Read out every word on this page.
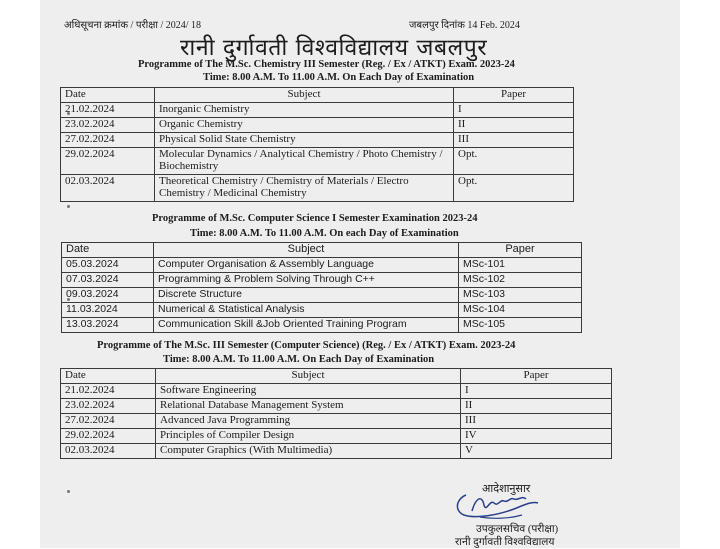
अधिसूचना क्रमांक / परीक्षा / 2024/ 18	जबलपुर दिनांक 14 Feb. 2024
रानी दुर्गावती विश्वविद्यालय जबलपुर
Programme of The M.Sc. Chemistry III Semester (Reg. / Ex / ATKT) Exam. 2023-24
Time: 8.00 A.M. To 11.00 A.M. On Each Day of Examination
Date	Subject	Paper
21.02.2024	Inorganic Chemistry	I
23.02.2024	Organic Chemistry	II
27.02.2024	Physical Solid State Chemistry	III
29.02.2024	Molecular Dynamics / Analytical Chemistry / Photo Chemistry / Biochemistry	Opt.
02.03.2024	Theoretical Chemistry / Chemistry of Materials / Electro Chemistry / Medicinal Chemistry	Opt.
Programme of M.Sc. Computer Science I Semester Examination 2023-24
Time: 8.00 A.M. To 11.00 A.M. On each Day of Examination
Date	Subject	Paper
05.03.2024	Computer Organisation & Assembly Language	MSc-101
07.03.2024	Programming & Problem Solving Through C++	MSc-102
09.03.2024	Discrete Structure	MSc-103
11.03.2024	Numerical & Statistical Analysis	MSc-104
13.03.2024	Communication Skill &Job Oriented Training Program	MSc-105
Programme of The M.Sc. III Semester (Computer Science) (Reg. / Ex / ATKT) Exam. 2023-24
Time: 8.00 A.M. To 11.00 A.M. On Each Day of Examination
Date	Subject	Paper
21.02.2024	Software Engineering	I
23.02.2024	Relational Database Management System	II
27.02.2024	Advanced Java Programming	III
29.02.2024	Principles of Compiler Design	IV
02.03.2024	Computer Graphics (With Multimedia)	V
आदेशानुसार
उपकुलसचिव (परीक्षा)
रानी दुर्गावती विश्वविद्यालय
